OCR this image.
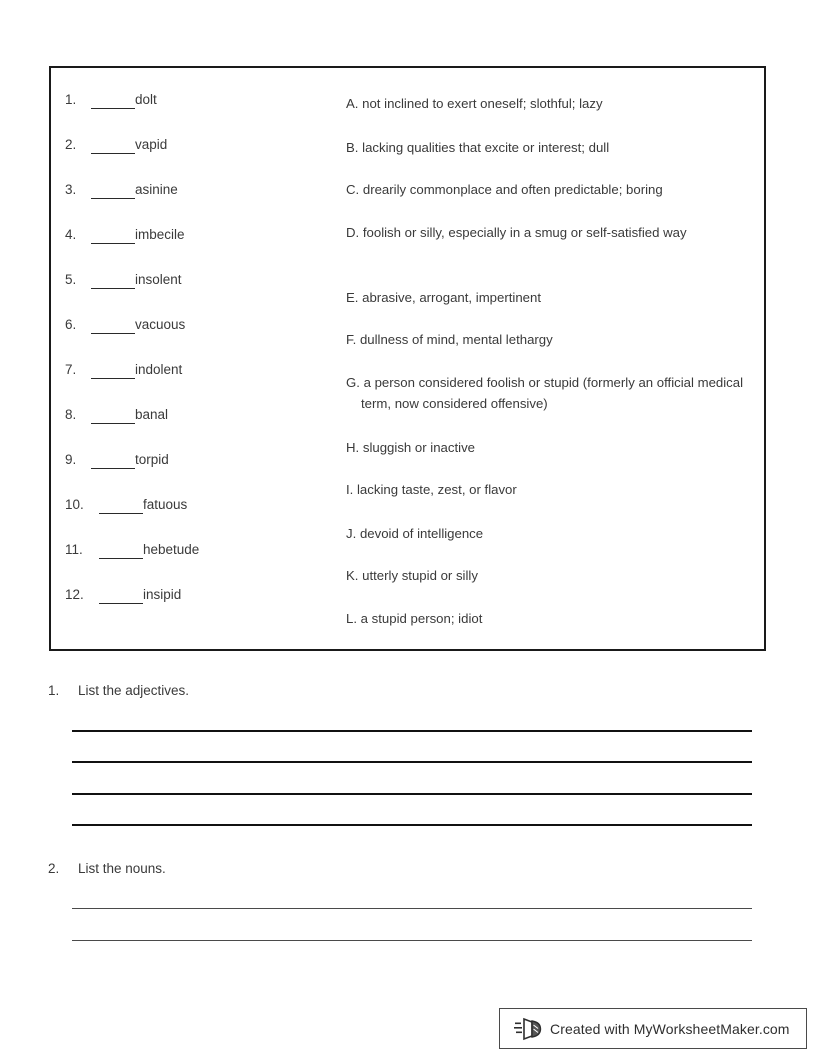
1.	dolt
2.	vapid
3.	asinine
4.	imbecile
5.	insolent
6.	vacuous
7.	indolent
8.	banal
9.	torpid
10.	fatuous
11.	hebetude
12.	insipid
A. not inclined to exert oneself; slothful; lazy
B. lacking qualities that excite or interest; dull
C. drearily commonplace and often predictable; boring
D. foolish or silly, especially in a smug or self-satisfied way
E. abrasive, arrogant, impertinent
F. dullness of mind, mental lethargy
G. a person considered foolish or stupid (formerly an official medical term, now considered offensive)
H. sluggish or inactive
I. lacking taste, zest, or flavor
J. devoid of intelligence
K. utterly stupid or silly
L. a stupid person; idiot
1. List the adjectives.
2. List the nouns.
Created with MyWorksheetMaker.com
